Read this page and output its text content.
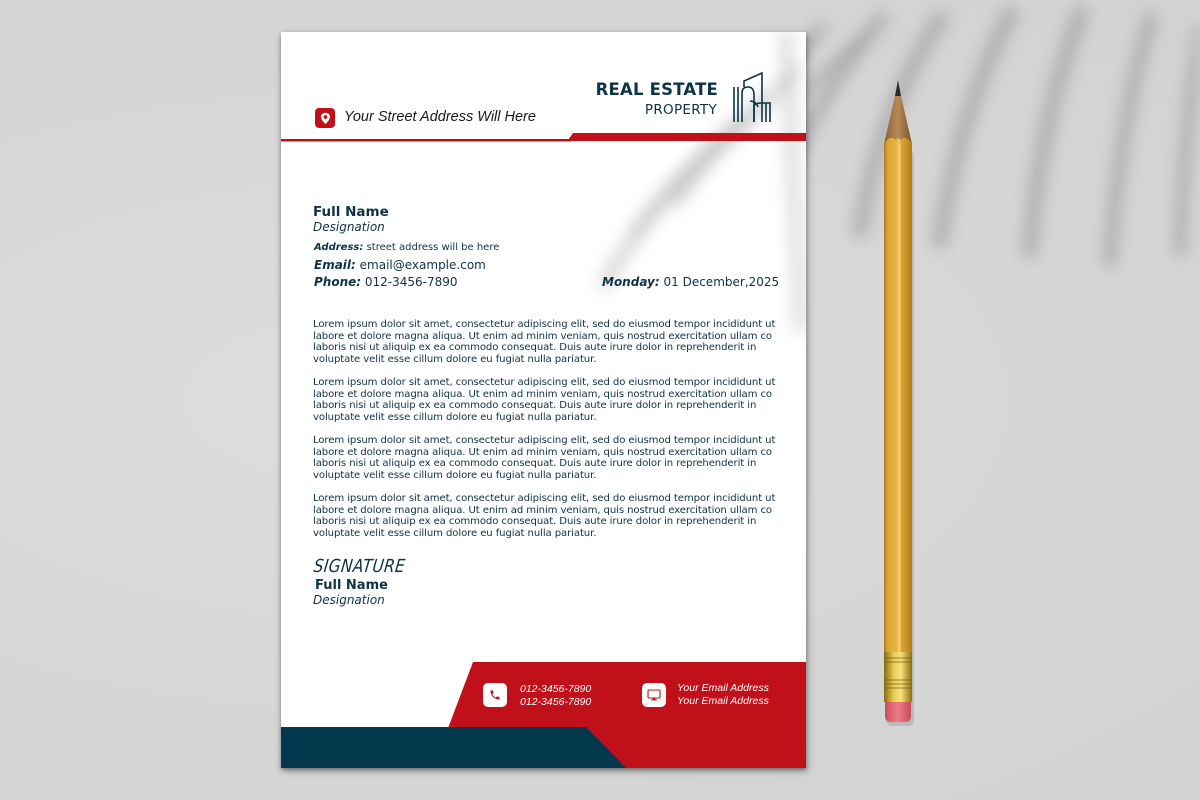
Your Street Address Will Here
REAL ESTATE
PROPERTY
Full Name
Designation
Address: street address will be here
Email: email@example.com
Phone: 012-3456-7890	Monday: 01 December,2025
Lorem ipsum dolor sit amet, consectetur adipiscing elit, sed do eiusmod tempor incididunt ut labore et dolore magna aliqua. Ut enim ad minim veniam, quis nostrud exercitation ullam co laboris nisi ut aliquip ex ea commodo consequat. Duis aute irure dolor in reprehenderit in voluptate velit esse cillum dolore eu fugiat nulla pariatur.
Lorem ipsum dolor sit amet, consectetur adipiscing elit, sed do eiusmod tempor incididunt ut labore et dolore magna aliqua. Ut enim ad minim veniam, quis nostrud exercitation ullam co laboris nisi ut aliquip ex ea commodo consequat. Duis aute irure dolor in reprehenderit in voluptate velit esse cillum dolore eu fugiat nulla pariatur.
Lorem ipsum dolor sit amet, consectetur adipiscing elit, sed do eiusmod tempor incididunt ut labore et dolore magna aliqua. Ut enim ad minim veniam, quis nostrud exercitation ullam co laboris nisi ut aliquip ex ea commodo consequat. Duis aute irure dolor in reprehenderit in voluptate velit esse cillum dolore eu fugiat nulla pariatur.
Lorem ipsum dolor sit amet, consectetur adipiscing elit, sed do eiusmod tempor incididunt ut labore et dolore magna aliqua. Ut enim ad minim veniam, quis nostrud exercitation ullam co laboris nisi ut aliquip ex ea commodo consequat. Duis aute irure dolor in reprehenderit in voluptate velit esse cillum dolore eu fugiat nulla pariatur.
SIGNATURE
Full Name
Designation
012-3456-7890
012-3456-7890
Your Email Address
Your Email Address
